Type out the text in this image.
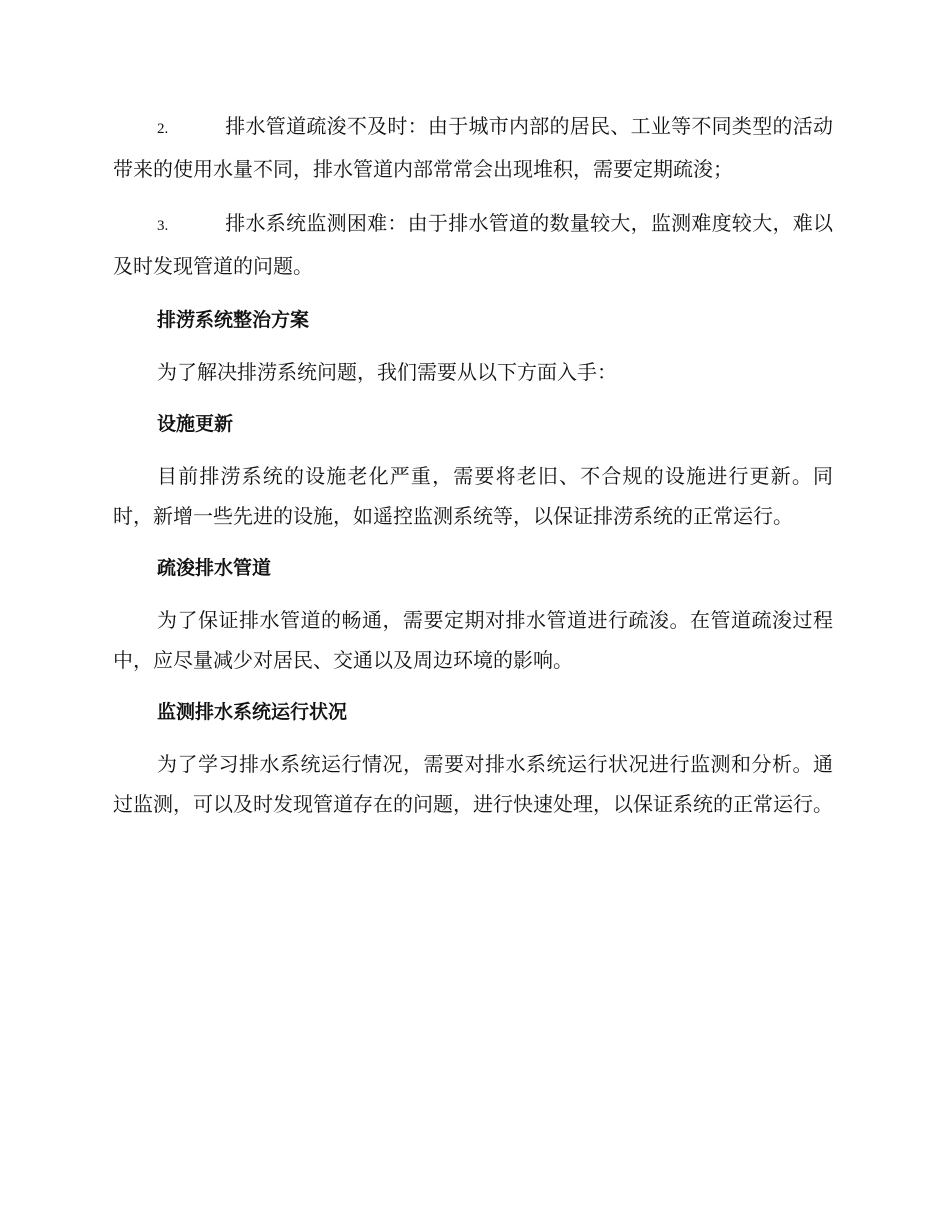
2.	排水管道疏浚不及时：由于城市内部的居民、工业等不同类型的活动带来的使用水量不同，排水管道内部常常会出现堆积，需要定期疏浚；

3.	排水系统监测困难：由于排水管道的数量较大，监测难度较大，难以及时发现管道的问题。

排涝系统整治方案

为了解决排涝系统问题，我们需要从以下方面入手：

设施更新

目前排涝系统的设施老化严重，需要将老旧、不合规的设施进行更新。同时，新增一些先进的设施，如遥控监测系统等，以保证排涝系统的正常运行。

疏浚排水管道

为了保证排水管道的畅通，需要定期对排水管道进行疏浚。在管道疏浚过程中，应尽量减少对居民、交通以及周边环境的影响。

监测排水系统运行状况

为了学习排水系统运行情况，需要对排水系统运行状况进行监测和分析。通过监测，可以及时发现管道存在的问题，进行快速处理，以保证系统的正常运行。
